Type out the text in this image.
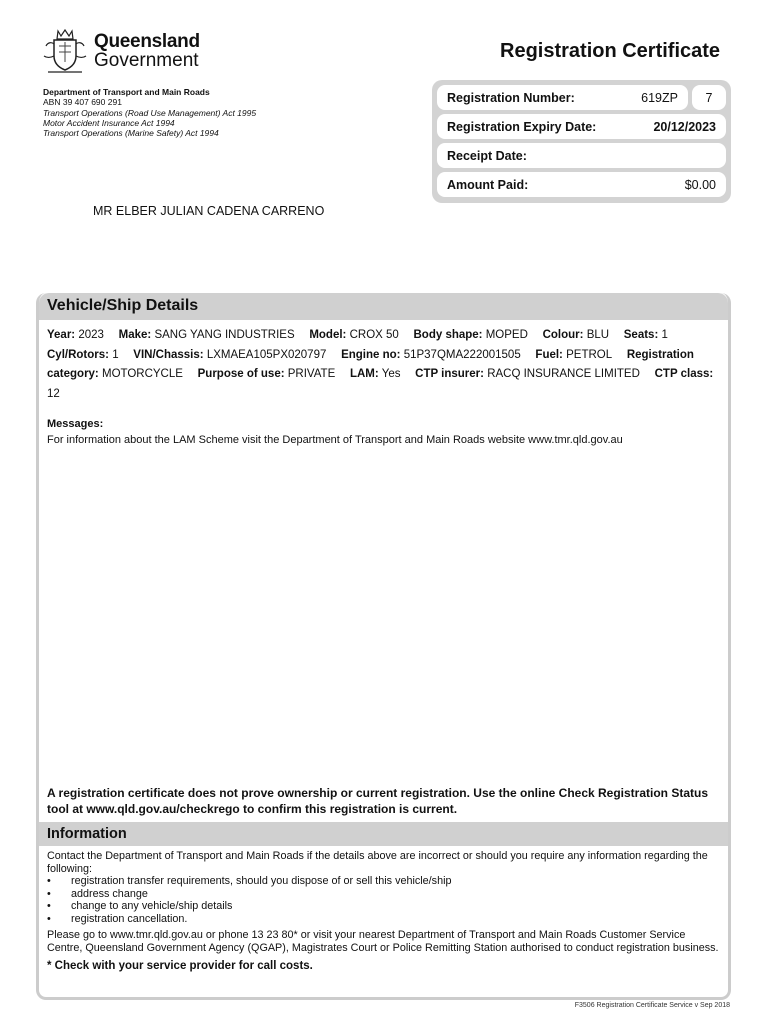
Queensland
Government
Department of Transport and Main Roads
ABN 39 407 690 291
Transport Operations (Road Use Management) Act 1995
Motor Accident Insurance Act 1994
Transport Operations (Marine Safety) Act 1994
Registration Certificate
Registration Number:	619ZP	7
Registration Expiry Date:	20/12/2023
Receipt Date:
Amount Paid:	$0.00
MR ELBER JULIAN CADENA CARRENO
Vehicle/Ship Details
Year: 2023  Make: SANG YANG INDUSTRIES  Model: CROX 50  Body shape: MOPED  Colour: BLU  Seats: 1  Cyl/Rotors: 1  VIN/Chassis: LXMAEA105PX020797  Engine no: 51P37QMA222001505  Fuel: PETROL  Registration category: MOTORCYCLE  Purpose of use: PRIVATE  LAM: Yes  CTP insurer: RACQ INSURANCE LIMITED  CTP class: 12 
Messages:
For information about the LAM Scheme visit the Department of Transport and Main Roads website www.tmr.qld.gov.au
A registration certificate does not prove ownership or current registration. Use the online Check Registration Status tool at www.qld.gov.au/checkrego to confirm this registration is current.
Information
Contact the Department of Transport and Main Roads if the details above are incorrect or should you require any information regarding the following:
•	registration transfer requirements, should you dispose of or sell this vehicle/ship
•	address change
•	change to any vehicle/ship details
•	registration cancellation.
Please go to www.tmr.qld.gov.au or phone 13 23 80* or visit your nearest Department of Transport and Main Roads Customer Service Centre, Queensland Government Agency (QGAP), Magistrates Court or Police Remitting Station authorised to conduct registration business.
* Check with your service provider for call costs.
F3506 Registration Certificate Service v Sep 2018
